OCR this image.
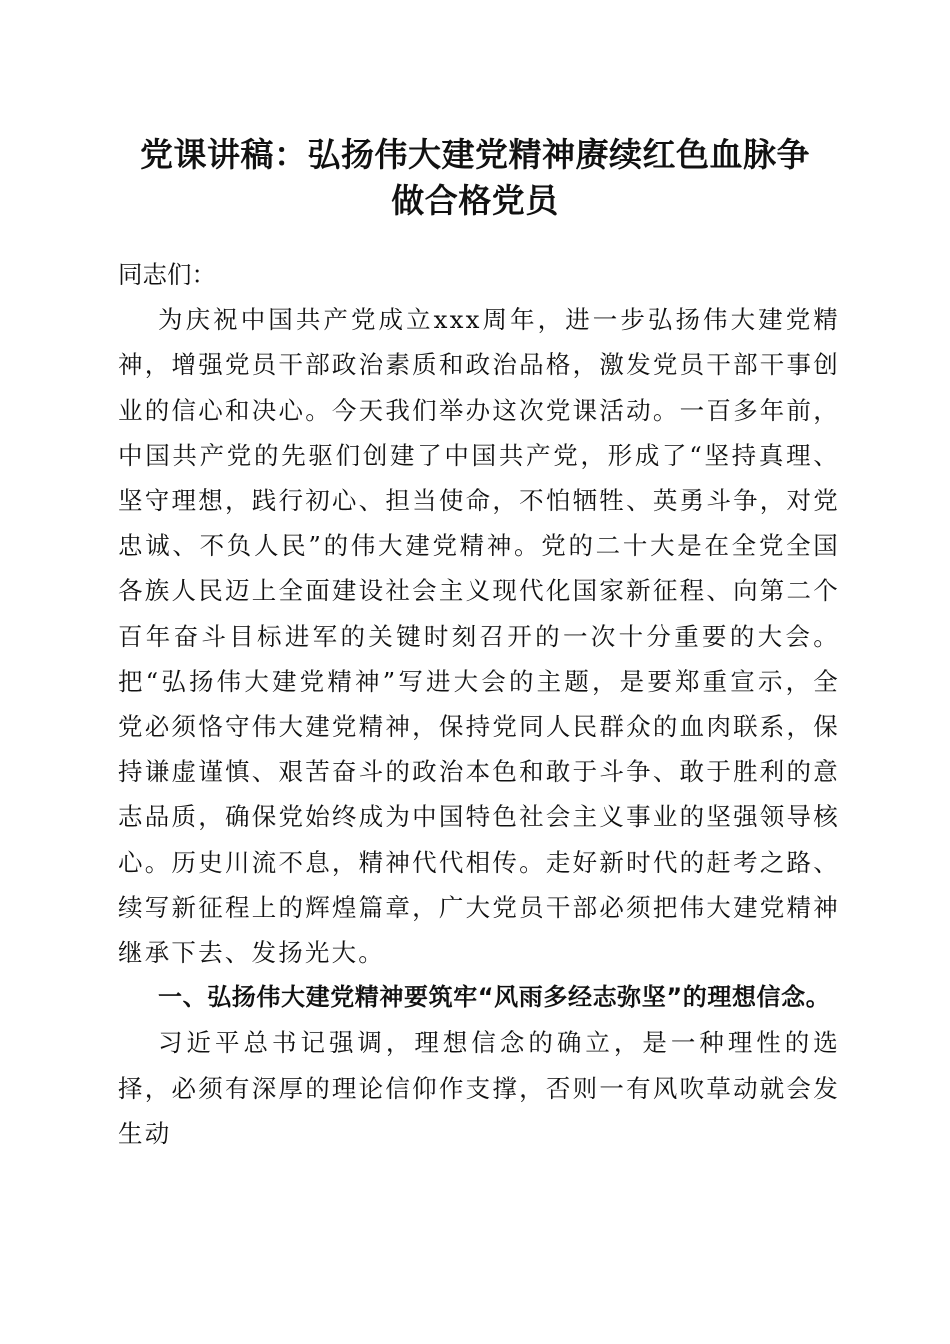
党课讲稿：弘扬伟大建党精神赓续红色血脉争
做合格党员

同志们：

为庆祝中国共产党成立xxx周年，进一步弘扬伟大建党精神，增强党员干部政治素质和政治品格，激发党员干部干事创业的信心和决心。今天我们举办这次党课活动。一百多年前，中国共产党的先驱们创建了中国共产党，形成了“坚持真理、坚守理想，践行初心、担当使命，不怕牺牲、英勇斗争，对党忠诚、不负人民”的伟大建党精神。党的二十大是在全党全国各族人民迈上全面建设社会主义现代化国家新征程、向第二个百年奋斗目标进军的关键时刻召开的一次十分重要的大会。把“弘扬伟大建党精神”写进大会的主题，是要郑重宣示，全党必须恪守伟大建党精神，保持党同人民群众的血肉联系，保持谦虚谨慎、艰苦奋斗的政治本色和敢于斗争、敢于胜利的意志品质，确保党始终成为中国特色社会主义事业的坚强领导核心。历史川流不息，精神代代相传。走好新时代的赶考之路、续写新征程上的辉煌篇章，广大党员干部必须把伟大建党精神继承下去、发扬光大。

一、弘扬伟大建党精神要筑牢“风雨多经志弥坚”的理想信念。

习近平总书记强调，理想信念的确立，是一种理性的选择，必须有深厚的理论信仰作支撑，否则一有风吹草动就会发生动
